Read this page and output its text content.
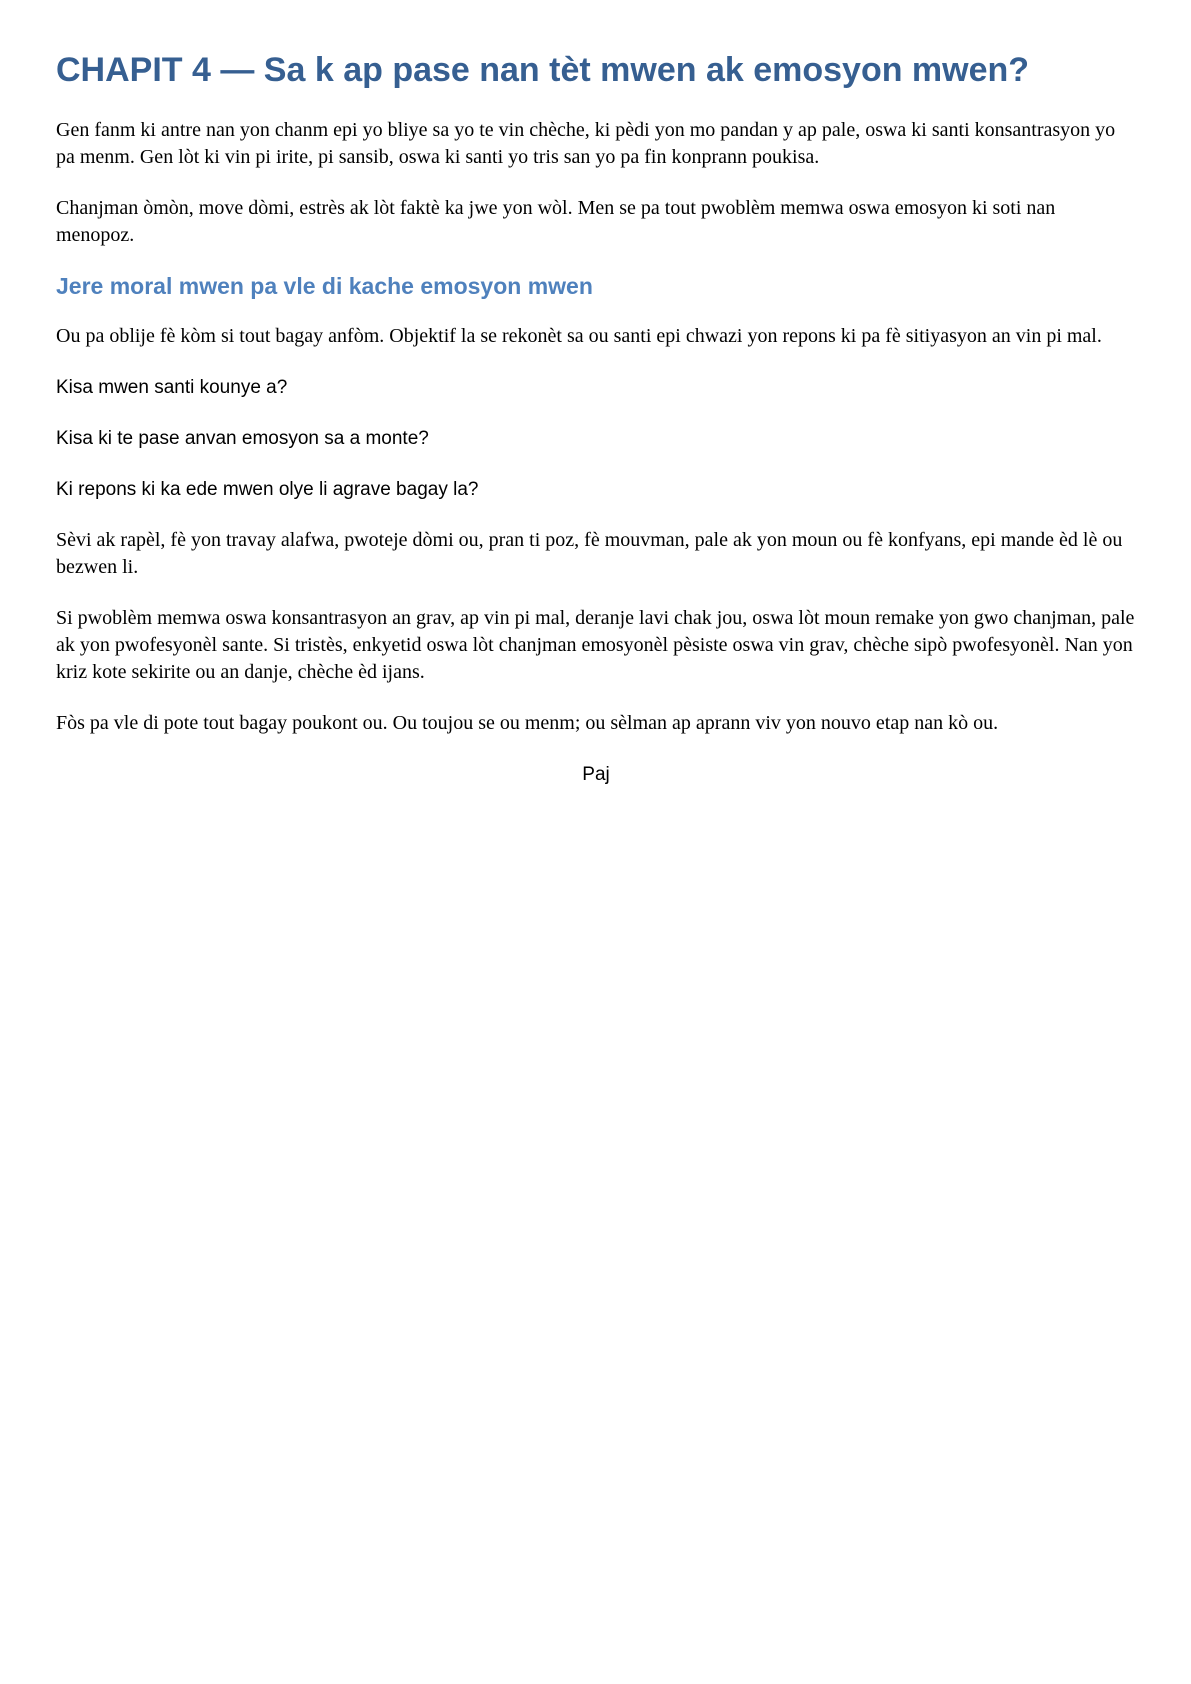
CHAPIT 4 — Sa k ap pase nan tèt mwen ak emosyon mwen?

Gen fanm ki antre nan yon chanm epi yo bliye sa yo te vin chèche, ki pèdi yon mo pandan y ap pale, oswa ki santi konsantrasyon yo pa menm. Gen lòt ki vin pi irite, pi sansib, oswa ki santi yo tris san yo pa fin konprann poukisa.

Chanjman òmòn, move dòmi, estrès ak lòt faktè ka jwe yon wòl. Men se pa tout pwoblèm memwa oswa emosyon ki soti nan menopoz.

Jere moral mwen pa vle di kache emosyon mwen

Ou pa oblije fè kòm si tout bagay anfòm. Objektif la se rekonèt sa ou santi epi chwazi yon repons ki pa fè sitiyasyon an vin pi mal.

Kisa mwen santi kounye a?

Kisa ki te pase anvan emosyon sa a monte?

Ki repons ki ka ede mwen olye li agrave bagay la?

Sèvi ak rapèl, fè yon travay alafwa, pwoteje dòmi ou, pran ti poz, fè mouvman, pale ak yon moun ou fè konfyans, epi mande èd lè ou bezwen li.

Si pwoblèm memwa oswa konsantrasyon an grav, ap vin pi mal, deranje lavi chak jou, oswa lòt moun remake yon gwo chanjman, pale ak yon pwofesyonèl sante. Si tristès, enkyetid oswa lòt chanjman emosyonèl pèsiste oswa vin grav, chèche sipò pwofesyonèl. Nan yon kriz kote sekirite ou an danje, chèche èd ijans.

Fòs pa vle di pote tout bagay poukont ou. Ou toujou se ou menm; ou sèlman ap aprann viv yon nouvo etap nan kò ou.

Paj
